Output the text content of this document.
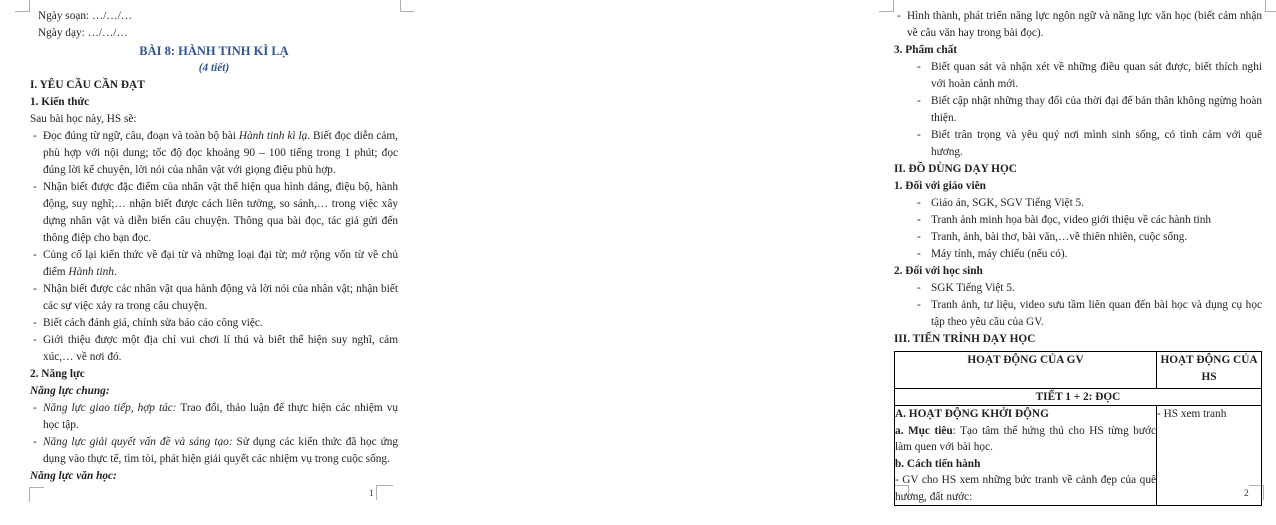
Ngày soạn: …/…/…

Ngày dạy: …/…/…

BÀI 8: HÀNH TINH KÌ LẠ

(4 tiết)

I. YÊU CẦU CẦN ĐẠT

1. Kiến thức

Sau bài học này, HS sẽ:

- Đọc đúng từ ngữ, câu, đoạn và toàn bộ bài Hành tinh kì lạ. Biết đọc diễn cảm, phù hợp với nội dung; tốc độ đọc khoảng 90 – 100 tiếng trong 1 phút; đọc đúng lời kể chuyện, lời nói của nhân vật với giọng điệu phù hợp.

- Nhận biết được đặc điểm của nhân vật thể hiện qua hình dáng, điệu bộ, hành động, suy nghĩ;… nhận biết được cách liên tưởng, so sánh,… trong việc xây dựng nhân vật và diễn biến câu chuyện. Thông qua bài đọc, tác giả gửi đến thông điệp cho bạn đọc.

- Củng cố lại kiến thức về đại từ và những loại đại từ; mở rộng vốn từ về chủ điểm Hành tinh.

- Nhận biết được các nhân vật qua hành động và lời nói của nhân vật; nhận biết các sự việc xảy ra trong câu chuyện.

- Biết cách đánh giá, chỉnh sửa báo cáo công việc.

- Giới thiệu được một địa chỉ vui chơi lí thú và biết thể hiện suy nghĩ, cảm xúc,… về nơi đó.

2. Năng lực

Năng lực chung:

- Năng lực giao tiếp, hợp tác: Trao đổi, thảo luận để thực hiện các nhiệm vụ học tập.

- Năng lực giải quyết vấn đề và sáng tạo: Sử dụng các kiến thức đã học ứng dụng vào thực tế, tìm tòi, phát hiện giải quyết các nhiệm vụ trong cuộc sống.

Năng lực văn học:

1
- Hình thành, phát triển năng lực ngôn ngữ và năng lực văn học (biết cảm nhận về câu văn hay trong bài đọc).

3. Phẩm chất

- Biết quan sát và nhận xét về những điều quan sát được, biết thích nghi với hoàn cảnh mới.

- Biết cập nhật những thay đổi của thời đại để bản thân không ngừng hoàn thiện.

- Biết trân trọng và yêu quý nơi mình sinh sống, có tình cảm với quê hương.

II. ĐỒ DÙNG DẠY HỌC

1. Đối với giáo viên

- Giáo án, SGK, SGV Tiếng Việt 5.

- Tranh ảnh minh họa bài đọc, video giới thiệu về các hành tinh

- Tranh, ảnh, bài thơ, bài văn,…về thiên nhiên, cuộc sống.

- Máy tính, máy chiếu (nếu có).

2. Đối với học sinh

- SGK Tiếng Việt 5.

- Tranh ảnh, tư liệu, video sưu tầm liên quan đến bài học và dụng cụ học tập theo yêu cầu của GV.

III. TIẾN TRÌNH DẠY HỌC

HOẠT ĐỘNG CỦA GV	HOẠT ĐỘNG CỦA HS
TIẾT 1 + 2: ĐỌC	

A. HOẠT ĐỘNG KHỞI ĐỘNG

a. Mục tiêu: Tạo tâm thế hứng thú cho HS từng bước làm quen với bài học.

b. Cách tiến hành

- GV cho HS xem những bức tranh về cảnh đẹp của quê hương, đất nước:	- HS xem tranh

2
